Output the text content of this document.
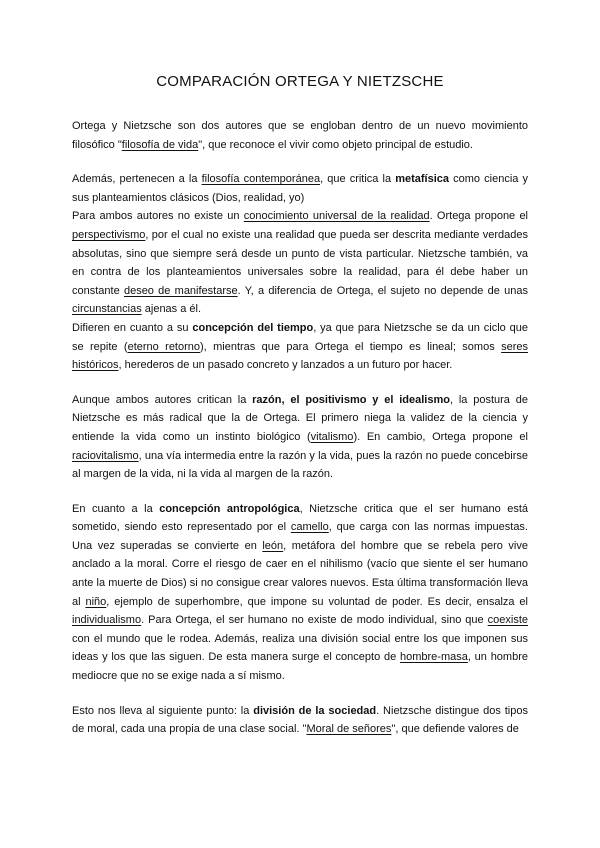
COMPARACIÓN ORTEGA Y NIETZSCHE

Ortega y Nietzsche son dos autores que se engloban dentro de un nuevo movimiento filosófico "filosofía de vida", que reconoce el vivir como objeto principal de estudio.

Además, pertenecen a la filosofía contemporánea, que critica la metafísica como ciencia y sus planteamientos clásicos (Dios, realidad, yo)

Para ambos autores no existe un conocimiento universal de la realidad. Ortega propone el perspectivismo, por el cual no existe una realidad que pueda ser descrita mediante verdades absolutas, sino que siempre será desde un punto de vista particular. Nietzsche también, va en contra de los planteamientos universales sobre la realidad, para él debe haber un constante deseo de manifestarse. Y, a diferencia de Ortega, el sujeto no depende de unas circunstancias ajenas a él.

Difieren en cuanto a su concepción del tiempo, ya que para Nietzsche se da un ciclo que se repite (eterno retorno), mientras que para Ortega el tiempo es lineal; somos seres históricos, herederos de un pasado concreto y lanzados a un futuro por hacer.

Aunque ambos autores critican la razón, el positivismo y el idealismo, la postura de Nietzsche es más radical que la de Ortega. El primero niega la validez de la ciencia y entiende la vida como un instinto biológico (vitalismo). En cambio, Ortega propone el raciovitalismo, una vía intermedia entre la razón y la vida, pues la razón no puede concebirse al margen de la vida, ni la vida al margen de la razón.

En cuanto a la concepción antropológica, Nietzsche critica que el ser humano está sometido, siendo esto representado por el camello, que carga con las normas impuestas. Una vez superadas se convierte en león, metáfora del hombre que se rebela pero vive anclado a la moral. Corre el riesgo de caer en el nihilismo (vacío que siente el ser humano ante la muerte de Dios) si no consigue crear valores nuevos. Esta última transformación lleva al niño, ejemplo de superhombre, que impone su voluntad de poder. Es decir, ensalza el individualismo. Para Ortega, el ser humano no existe de modo individual, sino que coexiste con el mundo que le rodea. Además, realiza una división social entre los que imponen sus ideas y los que las siguen. De esta manera surge el concepto de hombre-masa, un hombre mediocre que no se exige nada a sí mismo.

Esto nos lleva al siguiente punto: la división de la sociedad. Nietzsche distingue dos tipos de moral, cada una propia de una clase social. "Moral de señores", que defiende valores de
